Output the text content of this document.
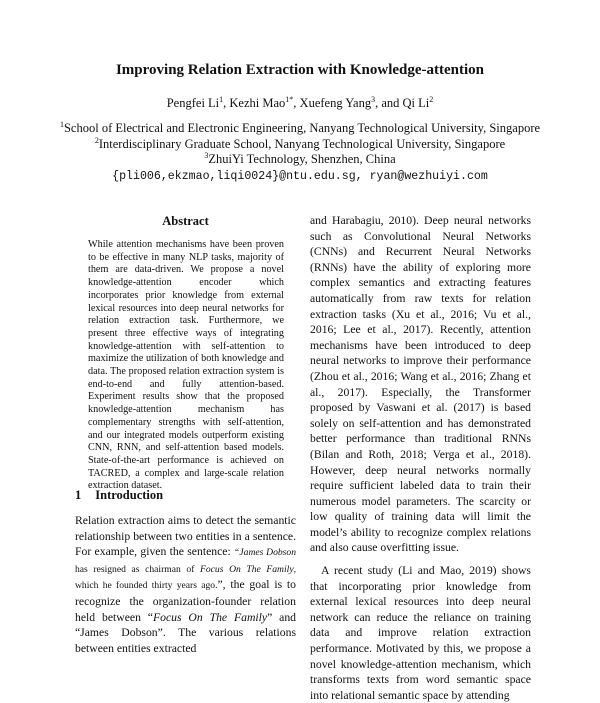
Improving Relation Extraction with Knowledge-attention
Pengfei Li$^1$, Kezhi Mao$^{1*}$, Xuefeng Yang$^3$, and Qi Li$^2$
$^1$School of Electrical and Electronic Engineering, Nanyang Technological University, Singapore
$^2$Interdisciplinary Graduate School, Nanyang Technological University, Singapore
$^3$ZhuiYi Technology, Shenzhen, China
{pli006,ekzmao,liqi0024}@ntu.edu.sg, ryan@wezhuiyi.com
Abstract
While attention mechanisms have been proven to be effective in many NLP tasks, majority of them are data-driven. We propose a novel knowledge-attention encoder which incorporates prior knowledge from external lexical resources into deep neural networks for relation extraction task. Furthermore, we present three effective ways of integrating knowledge-attention with self-attention to maximize the utilization of both knowledge and data. The proposed relation extraction system is end-to-end and fully attention-based. Experiment results show that the proposed knowledge-attention mechanism has complementary strengths with self-attention, and our integrated models outperform existing CNN, RNN, and self-attention based models. State-of-the-art performance is achieved on TACRED, a complex and large-scale relation extraction dataset.
1 Introduction

Relation extraction aims to detect the semantic relationship between two entities in a sentence. For example, given the sentence: “James Dobson has resigned as chairman of Focus On The Family, which he founded thirty years ago.”, the goal is to recognize the organization-founder relation held between “Focus On The Family” and “James Dobson”. The various relations between entities extracted

and Harabagiu, 2010). Deep neural networks such as Convolutional Neural Networks (CNNs) and Recurrent Neural Networks (RNNs) have the ability of exploring more complex semantics and extracting features automatically from raw texts for relation extraction tasks (Xu et al., 2016; Vu et al., 2016; Lee et al., 2017). Recently, attention mechanisms have been introduced to deep neural networks to improve their performance (Zhou et al., 2016; Wang et al., 2016; Zhang et al., 2017). Especially, the Transformer proposed by Vaswani et al. (2017) is based solely on self-attention and has demonstrated better performance than traditional RNNs (Bilan and Roth, 2018; Verga et al., 2018). However, deep neural networks normally require sufficient labeled data to train their numerous model parameters. The scarcity or low quality of training data will limit the model’s ability to recognize complex relations and also cause overfitting issue.

A recent study (Li and Mao, 2019) shows that incorporating prior knowledge from external lexical resources into deep neural network can reduce the reliance on training data and improve relation extraction performance. Motivated by this, we propose a novel knowledge-attention mechanism, which transforms texts from word semantic space into relational semantic space by attending
